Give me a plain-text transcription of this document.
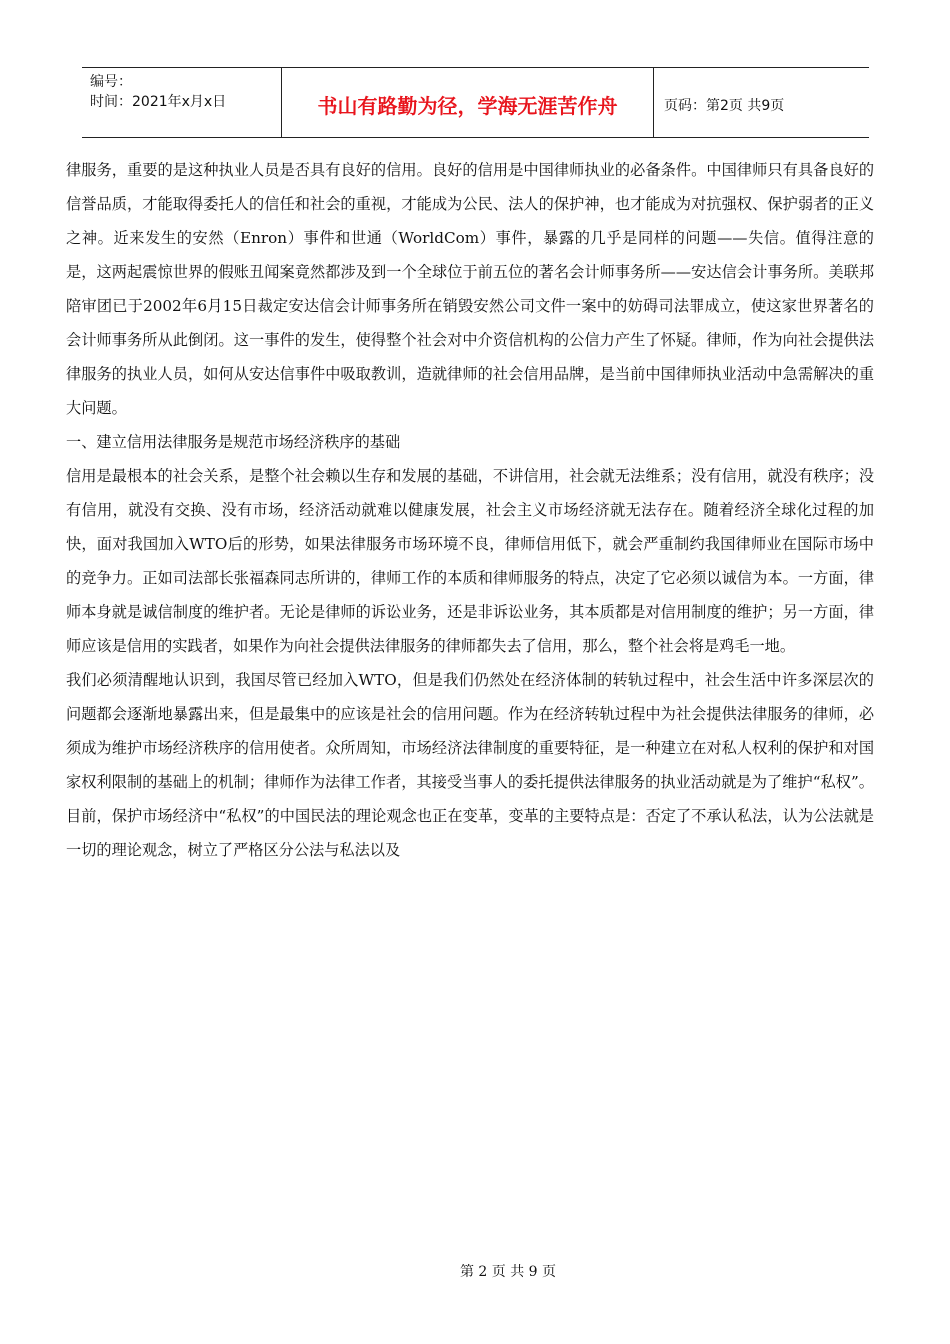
编号：
时间：2021年x月x日	书山有路勤为径，学海无涯苦作舟	页码：第2页 共9页

律服务，重要的是这种执业人员是否具有良好的信用。良好的信用是中国律师执业的必备条件。中国律师只有具备良好的信誉品质，才能取得委托人的信任和社会的重视，才能成为公民、法人的保护神，也才能成为对抗强权、保护弱者的正义之神。近来发生的安然（Enron）事件和世通（WorldCom）事件，暴露的几乎是同样的问题——失信。值得注意的是，这两起震惊世界的假账丑闻案竟然都涉及到一个全球位于前五位的著名会计师事务所——安达信会计事务所。美联邦陪审团已于2002年6月15日裁定安达信会计师事务所在销毁安然公司文件一案中的妨碍司法罪成立，使这家世界著名的会计师事务所从此倒闭。这一事件的发生，使得整个社会对中介资信机构的公信力产生了怀疑。律师，作为向社会提供法律服务的执业人员，如何从安达信事件中吸取教训，造就律师的社会信用品牌，是当前中国律师执业活动中急需解决的重大问题。

一、建立信用法律服务是规范市场经济秩序的基础

信用是最根本的社会关系，是整个社会赖以生存和发展的基础，不讲信用，社会就无法维系；没有信用，就没有秩序；没有信用，就没有交换、没有市场，经济活动就难以健康发展，社会主义市场经济就无法存在。随着经济全球化过程的加快，面对我国加入WTO后的形势，如果法律服务市场环境不良，律师信用低下，就会严重制约我国律师业在国际市场中的竞争力。正如司法部长张福森同志所讲的，律师工作的本质和律师服务的特点，决定了它必须以诚信为本。一方面，律师本身就是诚信制度的维护者。无论是律师的诉讼业务，还是非诉讼业务，其本质都是对信用制度的维护；另一方面，律师应该是信用的实践者，如果作为向社会提供法律服务的律师都失去了信用，那么，整个社会将是鸡毛一地。

我们必须清醒地认识到，我国尽管已经加入WTO，但是我们仍然处在经济体制的转轨过程中，社会生活中许多深层次的问题都会逐渐地暴露出来，但是最集中的应该是社会的信用问题。作为在经济转轨过程中为社会提供法律服务的律师，必须成为维护市场经济秩序的信用使者。众所周知，市场经济法律制度的重要特征，是一种建立在对私人权利的保护和对国家权利限制的基础上的机制；律师作为法律工作者，其接受当事人的委托提供法律服务的执业活动就是为了维护“私权”。目前，保护市场经济中“私权”的中国民法的理论观念也正在变革，变革的主要特点是：否定了不承认私法，认为公法就是一切的理论观念，树立了严格区分公法与私法以及

第 2 页 共 9 页
